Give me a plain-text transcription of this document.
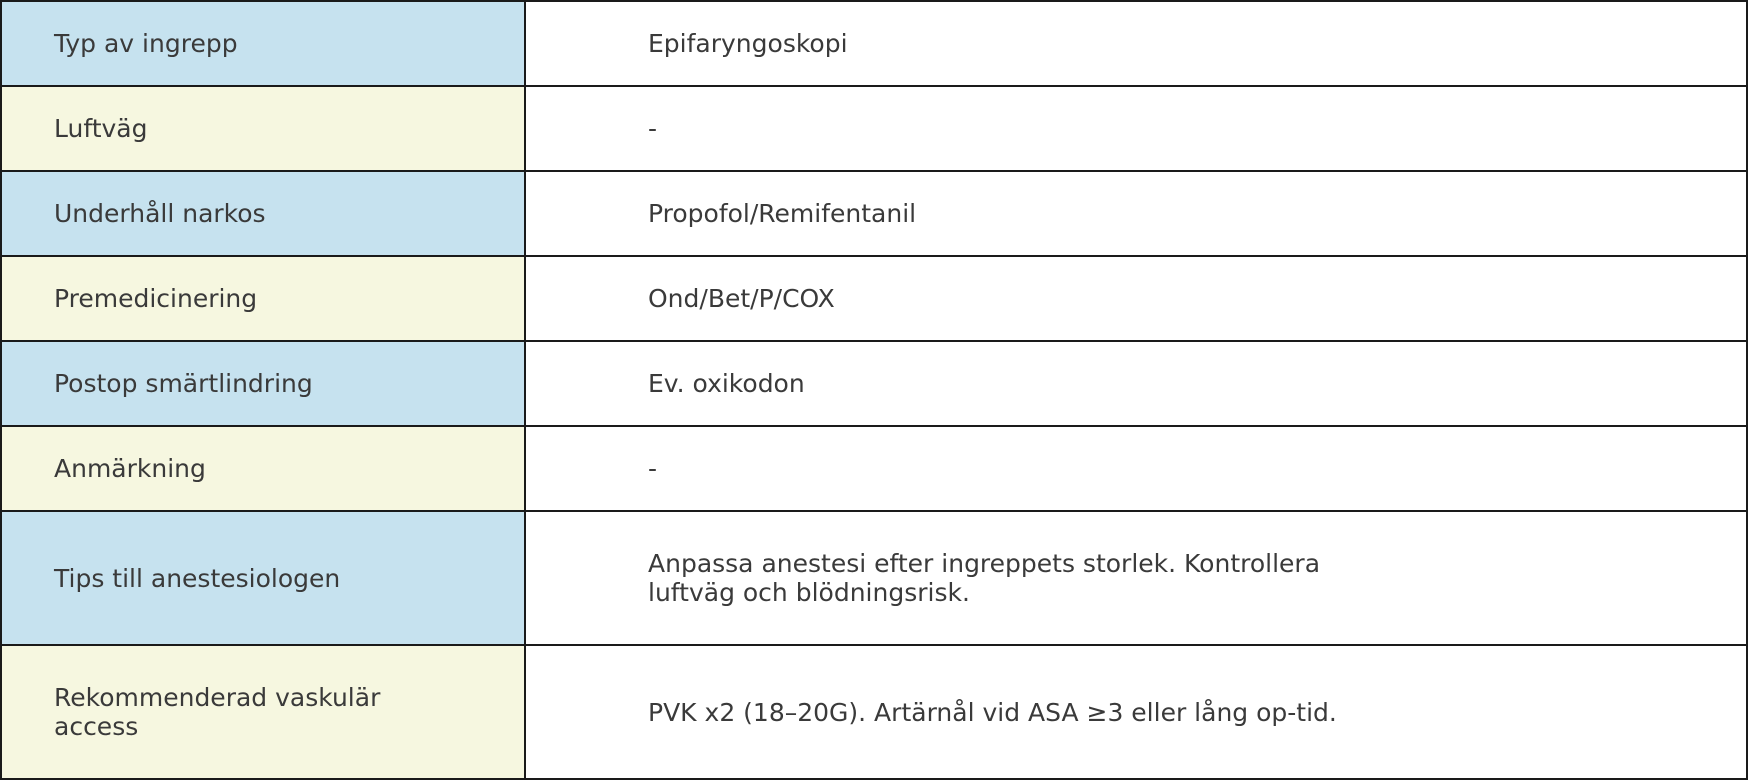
Typ av ingrepp	Epifaryngoskopi
Luftväg	-
Underhåll narkos	Propofol/Remifentanil
Premedicinering	Ond/Bet/P/COX
Postop smärtlindring	Ev. oxikodon
Anmärkning	-
Tips till anestesiologen	Anpassa anestesi efter ingreppets storlek. Kontrollera luftväg och blödningsrisk.
Rekommenderad vaskulär access	PVK x2 (18–20G). Artärnål vid ASA ≥3 eller lång op-tid.
